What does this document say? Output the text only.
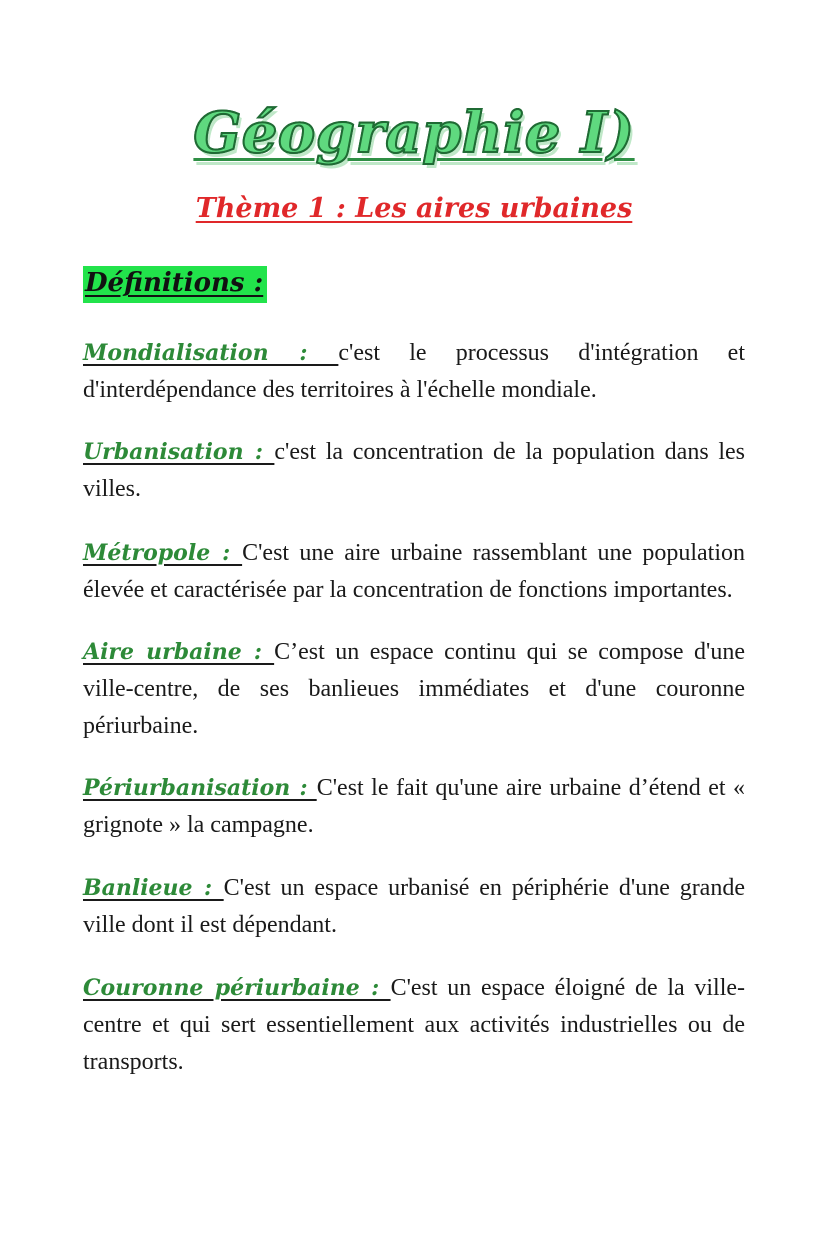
Géographie I)
Thème 1 : Les aires urbaines
Définitions :

Mondialisation : c'est le processus d'intégration et d'interdépendance des territoires à l'échelle mondiale.

Urbanisation : c'est la concentration de la population dans les villes.

Métropole : C'est une aire urbaine rassemblant une population élevée et caractérisée par la concentration de fonctions importantes.

Aire urbaine : C’est un espace continu qui se compose d'une ville-centre, de ses banlieues immédiates et d'une couronne périurbaine.

Périurbanisation : C'est le fait qu'une aire urbaine d’étend et « grignote » la campagne.

Banlieue : C'est un espace urbanisé en périphérie d'une grande ville dont il est dépendant.

Couronne périurbaine : C'est un espace éloigné de la ville-centre et qui sert essentiellement aux activités industrielles ou de transports.
